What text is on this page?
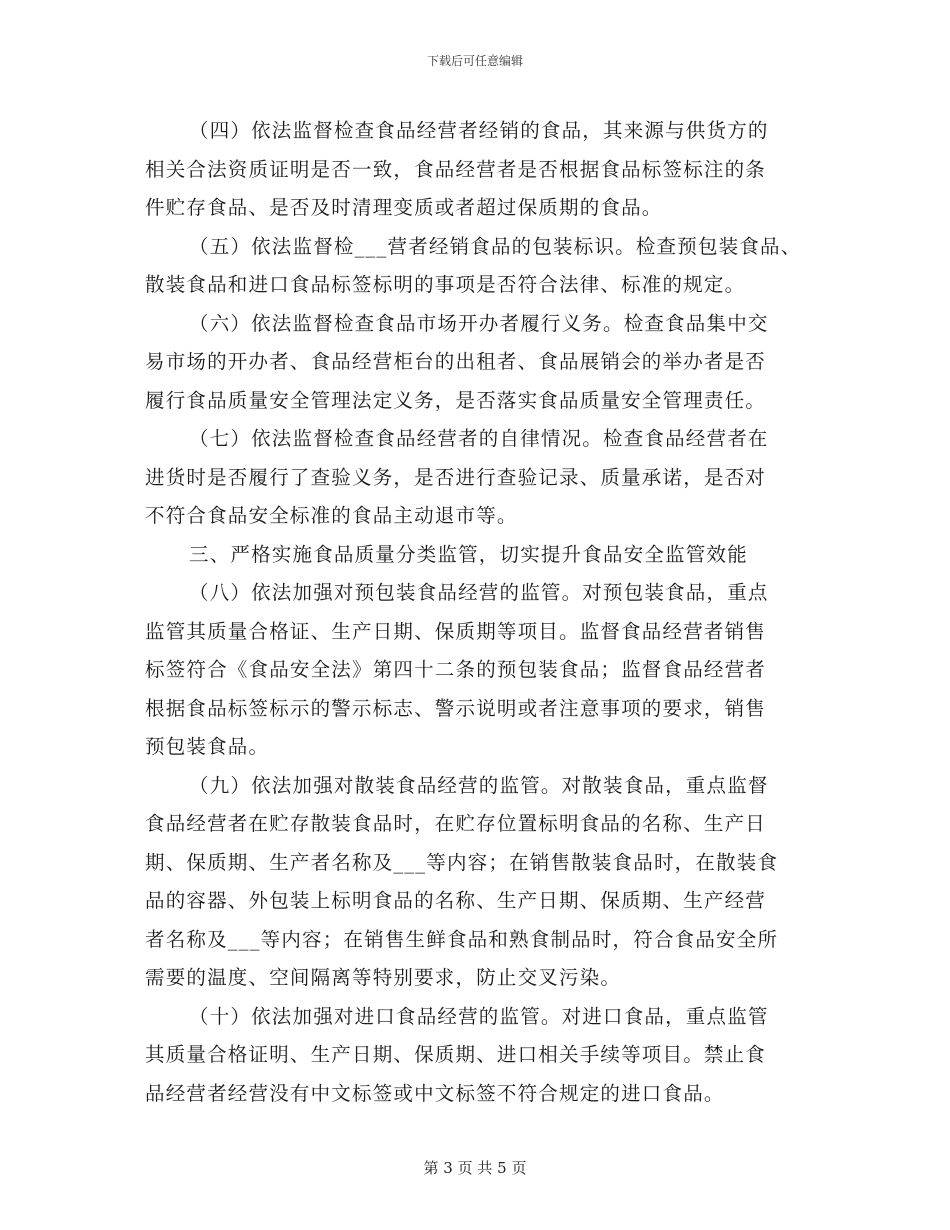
下载后可任意编辑
（四）依法监督检查食品经营者经销的食品，其来源与供货方的
相关合法资质证明是否一致，食品经营者是否根据食品标签标注的条
件贮存食品、是否及时清理变质或者超过保质期的食品。
（五）依法监督检___营者经销食品的包装标识。检查预包装食品、
散装食品和进口食品标签标明的事项是否符合法律、标准的规定。
（六）依法监督检查食品市场开办者履行义务。检查食品集中交
易市场的开办者、食品经营柜台的出租者、食品展销会的举办者是否
履行食品质量安全管理法定义务，是否落实食品质量安全管理责任。
（七）依法监督检查食品经营者的自律情况。检查食品经营者在
进货时是否履行了查验义务，是否进行查验记录、质量承诺，是否对
不符合食品安全标准的食品主动退市等。
三、严格实施食品质量分类监管，切实提升食品安全监管效能
（八）依法加强对预包装食品经营的监管。对预包装食品，重点
监管其质量合格证、生产日期、保质期等项目。监督食品经营者销售
标签符合《食品安全法》第四十二条的预包装食品；监督食品经营者
根据食品标签标示的警示标志、警示说明或者注意事项的要求，销售
预包装食品。
（九）依法加强对散装食品经营的监管。对散装食品，重点监督
食品经营者在贮存散装食品时，在贮存位置标明食品的名称、生产日
期、保质期、生产者名称及___等内容；在销售散装食品时，在散装食
品的容器、外包装上标明食品的名称、生产日期、保质期、生产经营
者名称及___等内容；在销售生鲜食品和熟食制品时，符合食品安全所
需要的温度、空间隔离等特别要求，防止交叉污染。
（十）依法加强对进口食品经营的监管。对进口食品，重点监管
其质量合格证明、生产日期、保质期、进口相关手续等项目。禁止食
品经营者经营没有中文标签或中文标签不符合规定的进口食品。
第 3 页 共 5 页
